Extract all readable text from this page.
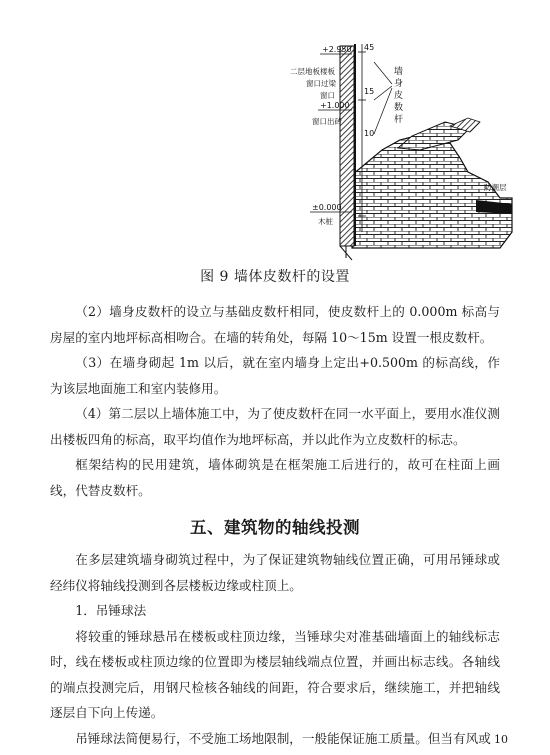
+2.950
二层地板楼板
窗口过梁
窗口
+1.000
窗口出砖
±0.000
木桩
防潮层
45
15
10
墙
身
皮
数
杆
图 9 墙体皮数杆的设置

（2）墙身皮数杆的设立与基础皮数杆相同，使皮数杆上的 0.000m 标高与房屋的室内地坪标高相吻合。在墙的转角处，每隔 10～15m 设置一根皮数杆。

（3）在墙身砌起 1m 以后，就在室内墙身上定出+0.500m 的标高线，作为该层地面施工和室内装修用。

（4）第二层以上墙体施工中，为了使皮数杆在同一水平面上，要用水准仪测出楼板四角的标高，取平均值作为地坪标高，并以此作为立皮数杆的标志。

框架结构的民用建筑，墙体砌筑是在框架施工后进行的，故可在柱面上画线，代替皮数杆。

五、建筑物的轴线投测

在多层建筑墙身砌筑过程中，为了保证建筑物轴线位置正确，可用吊锤球或经纬仪将轴线投测到各层楼板边缘或柱顶上。

1．吊锤球法

将较重的锤球悬吊在楼板或柱顶边缘，当锤球尖对准基础墙面上的轴线标志时，线在楼板或柱顶边缘的位置即为楼层轴线端点位置，并画出标志线。各轴线的端点投测完后，用钢尺检核各轴线的间距，符合要求后，继续施工，并把轴线逐层自下向上传递。

吊锤球法简便易行，不受施工场地限制，一般能保证施工质量。但当有风或 10
